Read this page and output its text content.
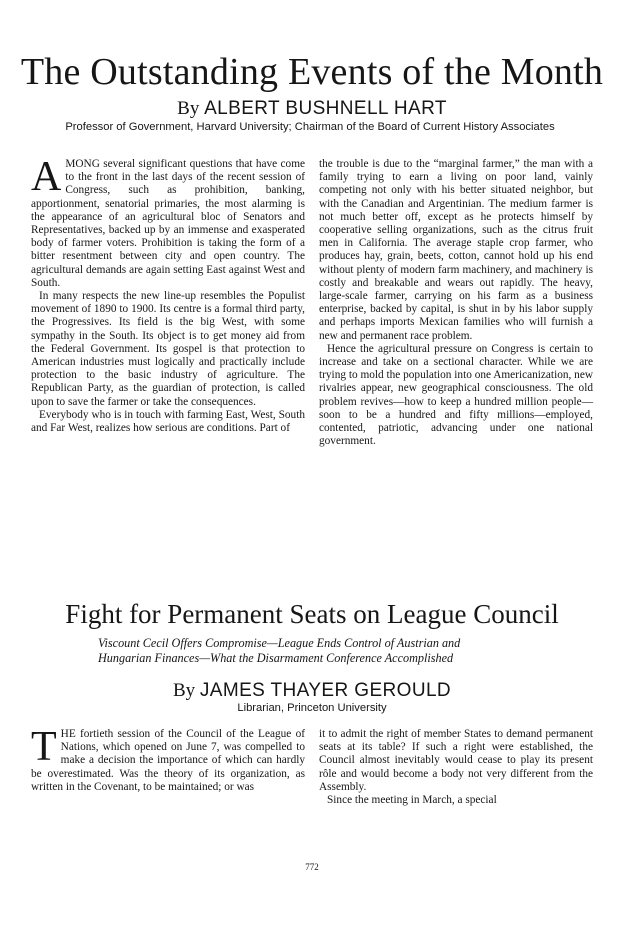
The Outstanding Events of the Month

By ALBERT BUSHNELL HART

Professor of Government, Harvard University; Chairman of the Board of Current History Associates

AMONG several significant questions that have come to the front in the last days of the recent session of Congress, such as prohibition, banking, apportionment, senatorial primaries, the most alarming is the appearance of an agricultural bloc of Senators and Representatives, backed up by an immense and exasperated body of farmer voters. Prohibition is taking the form of a bitter resentment between city and open country. The agricultural demands are again setting East against West and South.

In many respects the new line-up resembles the Populist movement of 1890 to 1900. Its centre is a formal third party, the Progressives. Its field is the big West, with some sympathy in the South. Its object is to get money aid from the Federal Government. Its gospel is that protection to American industries must logically and practically include protection to the basic industry of agriculture. The Republican Party, as the guardian of protection, is called upon to save the farmer or take the consequences.

Everybody who is in touch with farming East, West, South and Far West, realizes how serious are conditions. Part of

the trouble is due to the “marginal farmer,” the man with a family trying to earn a living on poor land, vainly competing not only with his better situated neighbor, but with the Canadian and Argentinian. The medium farmer is not much better off, except as he protects himself by cooperative selling organizations, such as the citrus fruit men in California. The average staple crop farmer, who produces hay, grain, beets, cotton, cannot hold up his end without plenty of modern farm machinery, and machinery is costly and breakable and wears out rapidly. The heavy, large-scale farmer, carrying on his farm as a business enterprise, backed by capital, is shut in by his labor supply and perhaps imports Mexican families who will furnish a new and permanent race problem.

Hence the agricultural pressure on Congress is certain to increase and take on a sectional character. While we are trying to mold the population into one Americanization, new rivalries appear, new geographical consciousness. The old problem revives—how to keep a hundred million people—soon to be a hundred and fifty millions—employed, contented, patriotic, advancing under one national government.

Fight for Permanent Seats on League Council

Viscount Cecil Offers Compromise—League Ends Control of Austrian and
Hungarian Finances—What the Disarmament Conference Accomplished

By JAMES THAYER GEROULD

Librarian, Princeton University

THE fortieth session of the Council of the League of Nations, which opened on June 7, was compelled to make a decision the importance of which can hardly be overestimated. Was the theory of its organization, as written in the Covenant, to be maintained; or was

it to admit the right of member States to demand permanent seats at its table? If such a right were established, the Council almost inevitably would cease to play its present rôle and would become a body not very different from the Assembly.

Since the meeting in March, a special

772
